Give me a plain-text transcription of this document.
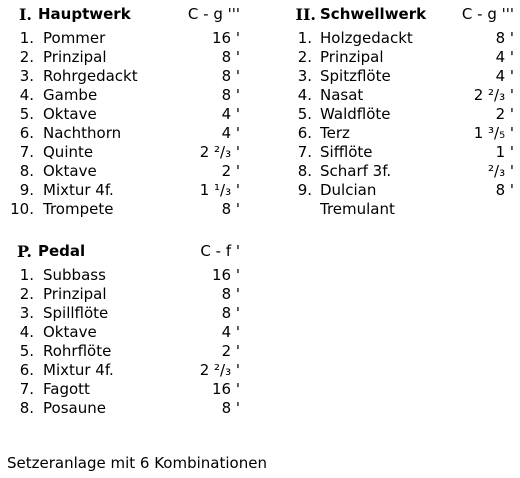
I. Hauptwerk	C - g '''
1. Pommer	16 '
2. Prinzipal	8 '
3. Rohrgedackt	8 '
4. Gambe	8 '
5. Oktave	4 '
6. Nachthorn	4 '
7. Quinte	2 ²/₃ '
8. Oktave	2 '
9. Mixtur 4f.	1 ¹/₃ '
10. Trompete	8 '
II. Schwellwerk C - g '''
1. Holzgedackt	8 '
2. Prinzipal	4 '
3. Spitzflöte	4 '
4. Nasat	2 ²/₃ '
5. Waldflöte	2 '
6. Terz	1 ³/₅ '
7. Sifflöte	1 '
8. Scharf 3f.	²/₃ '
9. Dulcian	8 '
Tremulant
P. Pedal	C - f '
1. Subbass	16 '
2. Prinzipal	8 '
3. Spillflöte	8 '
4. Oktave	4 '
5. Rohrflöte	2 '
6. Mixtur 4f.	2 ²/₃ '
7. Fagott	16 '
8. Posaune	8 '
Setzeranlage mit 6 Kombinationen
